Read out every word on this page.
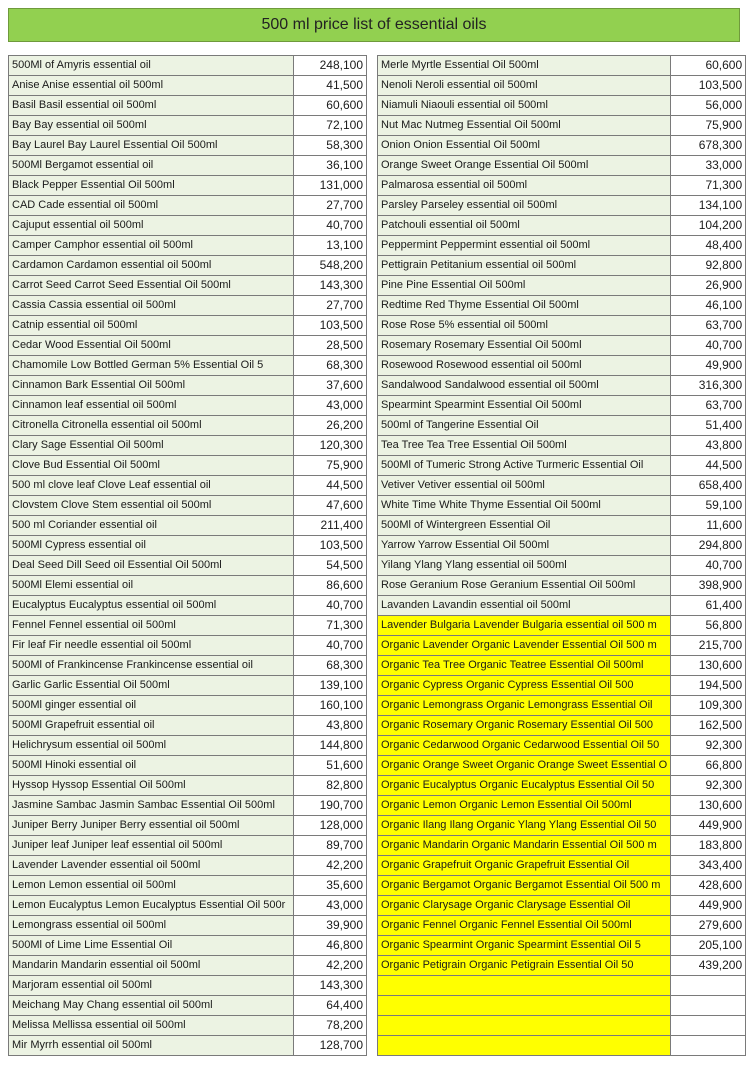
500 ml price list of essential oils
500Ml of Amyris essential oil	248,100
Anise Anise essential oil 500ml	41,500
Basil Basil essential oil 500ml	60,600
Bay Bay essential oil 500ml	72,100
Bay Laurel Bay Laurel Essential Oil 500ml	58,300
500Ml Bergamot essential oil	36,100
Black Pepper Essential Oil 500ml	131,000
CAD Cade essential oil 500ml	27,700
Cajuput essential oil 500ml	40,700
Camper Camphor essential oil 500ml	13,100
Cardamon Cardamon essential oil 500ml	548,200
Carrot Seed Carrot Seed Essential Oil 500ml	143,300
Cassia Cassia essential oil 500ml	27,700
Catnip essential oil 500ml	103,500
Cedar Wood Essential Oil 500ml	28,500
Chamomile Low Bottled German 5% Essential Oil 5	68,300
Cinnamon Bark Essential Oil 500ml	37,600
Cinnamon leaf essential oil 500ml	43,000
Citronella Citronella essential oil 500ml	26,200
Clary Sage Essential Oil 500ml	120,300
Clove Bud Essential Oil 500ml	75,900
500 ml clove leaf Clove Leaf essential oil	44,500
Clovstem Clove Stem essential oil 500ml	47,600
500 ml Coriander essential oil	211,400
500Ml Cypress essential oil	103,500
Deal Seed Dill Seed oil Essential Oil 500ml	54,500
500Ml Elemi essential oil	86,600
Eucalyptus Eucalyptus essential oil 500ml	40,700
Fennel Fennel essential oil 500ml	71,300
Fir leaf Fir needle essential oil 500ml	40,700
500Ml of Frankincense Frankincense essential oil	68,300
Garlic Garlic Essential Oil 500ml	139,100
500Ml ginger essential oil	160,100
500Ml Grapefruit essential oil	43,800
Helichrysum essential oil 500ml	144,800
500Ml Hinoki essential oil	51,600
Hyssop Hyssop Essential Oil 500ml	82,800
Jasmine Sambac Jasmin Sambac Essential Oil 500ml	190,700
Juniper Berry Juniper Berry essential oil 500ml	128,000
Juniper leaf Juniper leaf essential oil 500ml	89,700
Lavender Lavender essential oil 500ml	42,200
Lemon Lemon essential oil 500ml	35,600
Lemon Eucalyptus Lemon Eucalyptus Essential Oil 500r	43,000
Lemongrass essential oil 500ml	39,900
500Ml of Lime Lime Essential Oil	46,800
Mandarin Mandarin essential oil 500ml	42,200
Marjoram essential oil 500ml	143,300
Meichang May Chang essential oil 500ml	64,400
Melissa Mellissa essential oil 500ml	78,200
Mir Myrrh essential oil 500ml	128,700
Merle Myrtle Essential Oil 500ml	60,600
Nenoli Neroli essential oil 500ml	103,500
Niamuli Niaouli essential oil 500ml	56,000
Nut Mac Nutmeg Essential Oil 500ml	75,900
Onion Onion Essential Oil 500ml	678,300
Orange Sweet Orange Essential Oil 500ml	33,000
Palmarosa essential oil 500ml	71,300
Parsley Parseley essential oil 500ml	134,100
Patchouli essential oil 500ml	104,200
Peppermint Peppermint essential oil 500ml	48,400
Pettigrain Petitanium essential oil 500ml	92,800
Pine Pine Essential Oil 500ml	26,900
Redtime Red Thyme Essential Oil 500ml	46,100
Rose Rose 5% essential oil 500ml	63,700
Rosemary Rosemary Essential Oil 500ml	40,700
Rosewood Rosewood essential oil 500ml	49,900
Sandalwood Sandalwood essential oil 500ml	316,300
Spearmint Spearmint Essential Oil 500ml	63,700
500ml of Tangerine Essential Oil	51,400
Tea Tree Tea Tree Essential Oil 500ml	43,800
500Ml of Tumeric Strong Active Turmeric Essential Oil	44,500
Vetiver Vetiver essential oil 500ml	658,400
White Time White Thyme Essential Oil 500ml	59,100
500Ml of Wintergreen Essential Oil	11,600
Yarrow Yarrow Essential Oil 500ml	294,800
Yilang Ylang Ylang essential oil 500ml	40,700
Rose Geranium Rose Geranium Essential Oil 500ml	398,900
Lavanden Lavandin essential oil 500ml	61,400
Lavender Bulgaria Lavender Bulgaria essential oil 500 m	56,800
Organic Lavender Organic Lavender Essential Oil 500 m	215,700
Organic Tea Tree Organic Teatree Essential Oil 500ml	130,600
Organic Cypress Organic Cypress Essential Oil 500	194,500
Organic Lemongrass Organic Lemongrass Essential Oil	109,300
Organic Rosemary Organic Rosemary Essential Oil 500	162,500
Organic Cedarwood Organic Cedarwood Essential Oil 50	92,300
Organic Orange Sweet Organic Orange Sweet Essential O	66,800
Organic Eucalyptus Organic Eucalyptus Essential Oil 50	92,300
Organic Lemon Organic Lemon Essential Oil 500ml	130,600
Organic Ilang Ilang Organic Ylang Ylang Essential Oil 50	449,900
Organic Mandarin Organic Mandarin Essential Oil 500 m	183,800
Organic Grapefruit Organic Grapefruit Essential Oil	343,400
Organic Bergamot Organic Bergamot Essential Oil 500 m	428,600
Organic Clarysage Organic Clarysage Essential Oil	449,900
Organic Fennel Organic Fennel Essential Oil 500ml	279,600
Organic Spearmint Organic Spearmint Essential Oil 5	205,100
Organic Petigrain Organic Petigrain Essential Oil 50	439,200
